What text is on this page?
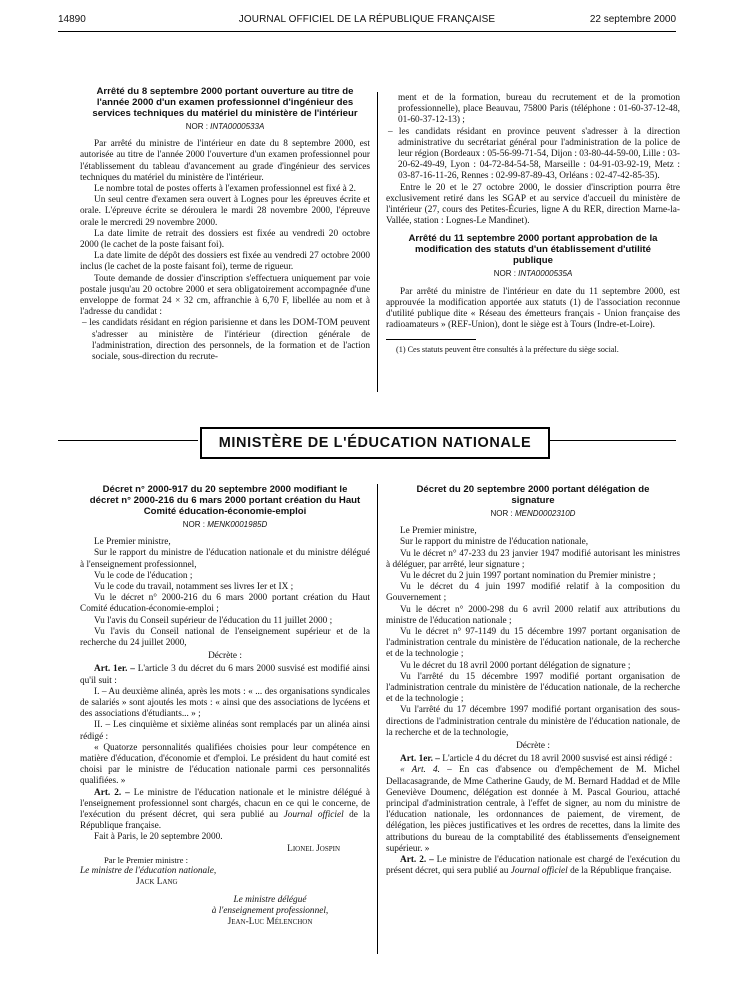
14890	JOURNAL OFFICIEL DE LA RÉPUBLIQUE FRANÇAISE	22 septembre 2000
Arrêté du 8 septembre 2000 portant ouverture au titre de l'année 2000 d'un examen professionnel d'ingénieur des services techniques du matériel du ministère de l'intérieur
NOR : INTA0000533A

Par arrêté du ministre de l'intérieur en date du 8 septembre 2000, est autorisée au titre de l'année 2000 l'ouverture d'un examen professionnel pour l'établissement du tableau d'avancement au grade d'ingénieur des services techniques du matériel du ministère de l'intérieur.

Le nombre total de postes offerts à l'examen professionnel est fixé à 2.

Un seul centre d'examen sera ouvert à Lognes pour les épreuves écrite et orale. L'épreuve écrite se déroulera le mardi 28 novembre 2000, l'épreuve orale le mercredi 29 novembre 2000.

La date limite de retrait des dossiers est fixée au vendredi 20 octobre 2000 (le cachet de la poste faisant foi).

La date limite de dépôt des dossiers est fixée au vendredi 27 octobre 2000 inclus (le cachet de la poste faisant foi), terme de rigueur.

Toute demande de dossier d'inscription s'effectuera uniquement par voie postale jusqu'au 20 octobre 2000 et sera obligatoirement accompagnée d'une enveloppe de format 24 × 32 cm, affranchie à 6,70 F, libellée au nom et à l'adresse du candidat :

– les candidats résidant en région parisienne et dans les DOM-TOM peuvent s'adresser au ministère de l'intérieur (direction générale de l'administration, direction des personnels, de la formation et de l'action sociale, sous-direction du recrute-

ment et de la formation, bureau du recrutement et de la promotion professionnelle), place Beauvau, 75800 Paris (téléphone : 01-60-37-12-48, 01-60-37-12-13) ;

– les candidats résidant en province peuvent s'adresser à la direction administrative du secrétariat général pour l'administration de la police de leur région (Bordeaux : 05-56-99-71-54, Dijon : 03-80-44-59-00, Lille : 03-20-62-49-49, Lyon : 04-72-84-54-58, Marseille : 04-91-03-92-19, Metz : 03-87-16-11-26, Rennes : 02-99-87-89-43, Orléans : 02-47-42-85-35).

Entre le 20 et le 27 octobre 2000, le dossier d'inscription pourra être exclusivement retiré dans les SGAP et au service d'accueil du ministère de l'intérieur (27, cours des Petites-Écuries, ligne A du RER, direction Marne-la-Vallée, station : Lognes-Le Mandinet).

Arrêté du 11 septembre 2000 portant approbation de la modification des statuts d'un établissement d'utilité publique
NOR : INTA0000535A

Par arrêté du ministre de l'intérieur en date du 11 septembre 2000, est approuvée la modification apportée aux statuts (1) de l'association reconnue d'utilité publique dite « Réseau des émetteurs français - Union française des radioamateurs » (REF-Union), dont le siège est à Tours (Indre-et-Loire).

(1) Ces statuts peuvent être consultés à la préfecture du siège social.

MINISTÈRE DE L'ÉDUCATION NATIONALE
Décret n° 2000-917 du 20 septembre 2000 modifiant le décret n° 2000-216 du 6 mars 2000 portant création du Haut Comité éducation-économie-emploi
NOR : MENK0001985D

Le Premier ministre,

Sur le rapport du ministre de l'éducation nationale et du ministre délégué à l'enseignement professionnel,

Vu le code de l'éducation ;

Vu le code du travail, notamment ses livres Ier et IX ;

Vu le décret n° 2000-216 du 6 mars 2000 portant création du Haut Comité éducation-économie-emploi ;

Vu l'avis du Conseil supérieur de l'éducation du 11 juillet 2000 ;

Vu l'avis du Conseil national de l'enseignement supérieur et de la recherche du 24 juillet 2000,

Décrète :

Art. 1er. – L'article 3 du décret du 6 mars 2000 susvisé est modifié ainsi qu'il suit :

I. – Au deuxième alinéa, après les mots : « ... des organisations syndicales de salariés » sont ajoutés les mots : « ainsi que des associations de lycéens et des associations d'étudiants... » ;

II. – Les cinquième et sixième alinéas sont remplacés par un alinéa ainsi rédigé :

« Quatorze personnalités qualifiées choisies pour leur compétence en matière d'éducation, d'économie et d'emploi. Le président du haut comité est choisi par le ministre de l'éducation nationale parmi ces personnalités qualifiées. »

Art. 2. – Le ministre de l'éducation nationale et le ministre délégué à l'enseignement professionnel sont chargés, chacun en ce qui le concerne, de l'exécution du présent décret, qui sera publié au Journal officiel de la République française.

Fait à Paris, le 20 septembre 2000.

Lionel Jospin
Par le Premier ministre :
Le ministre de l'éducation nationale,
Jack Lang
Le ministre délégué
à l'enseignement professionnel,
Jean-Luc Mélenchon
Décret du 20 septembre 2000 portant délégation de signature
NOR : MEND0002310D

Le Premier ministre,

Sur le rapport du ministre de l'éducation nationale,

Vu le décret n° 47-233 du 23 janvier 1947 modifié autorisant les ministres à déléguer, par arrêté, leur signature ;

Vu le décret du 2 juin 1997 portant nomination du Premier ministre ;

Vu le décret du 4 juin 1997 modifié relatif à la composition du Gouvernement ;

Vu le décret n° 2000-298 du 6 avril 2000 relatif aux attributions du ministre de l'éducation nationale ;

Vu le décret n° 97-1149 du 15 décembre 1997 portant organisation de l'administration centrale du ministère de l'éducation nationale, de la recherche et de la technologie ;

Vu le décret du 18 avril 2000 portant délégation de signature ;

Vu l'arrêté du 15 décembre 1997 modifié portant organisation de l'administration centrale du ministère de l'éducation nationale, de la recherche et de la technologie ;

Vu l'arrêté du 17 décembre 1997 modifié portant organisation des sous-directions de l'administration centrale du ministère de l'éducation nationale, de la recherche et de la technologie,

Décrète :

Art. 1er. – L'article 4 du décret du 18 avril 2000 susvisé est ainsi rédigé :

« Art. 4. – En cas d'absence ou d'empêchement de M. Michel Dellacasagrande, de Mme Catherine Gaudy, de M. Bernard Haddad et de Mlle Geneviève Doumenc, délégation est donnée à M. Pascal Gouriou, attaché principal d'administration centrale, à l'effet de signer, au nom du ministre de l'éducation nationale, les ordonnances de paiement, de virement, de délégation, les pièces justificatives et les ordres de recettes, dans la limite des attributions du bureau de la comptabilité des établissements d'enseignement supérieur. »

Art. 2. – Le ministre de l'éducation nationale est chargé de l'exécution du présent décret, qui sera publié au Journal officiel de la République française.
